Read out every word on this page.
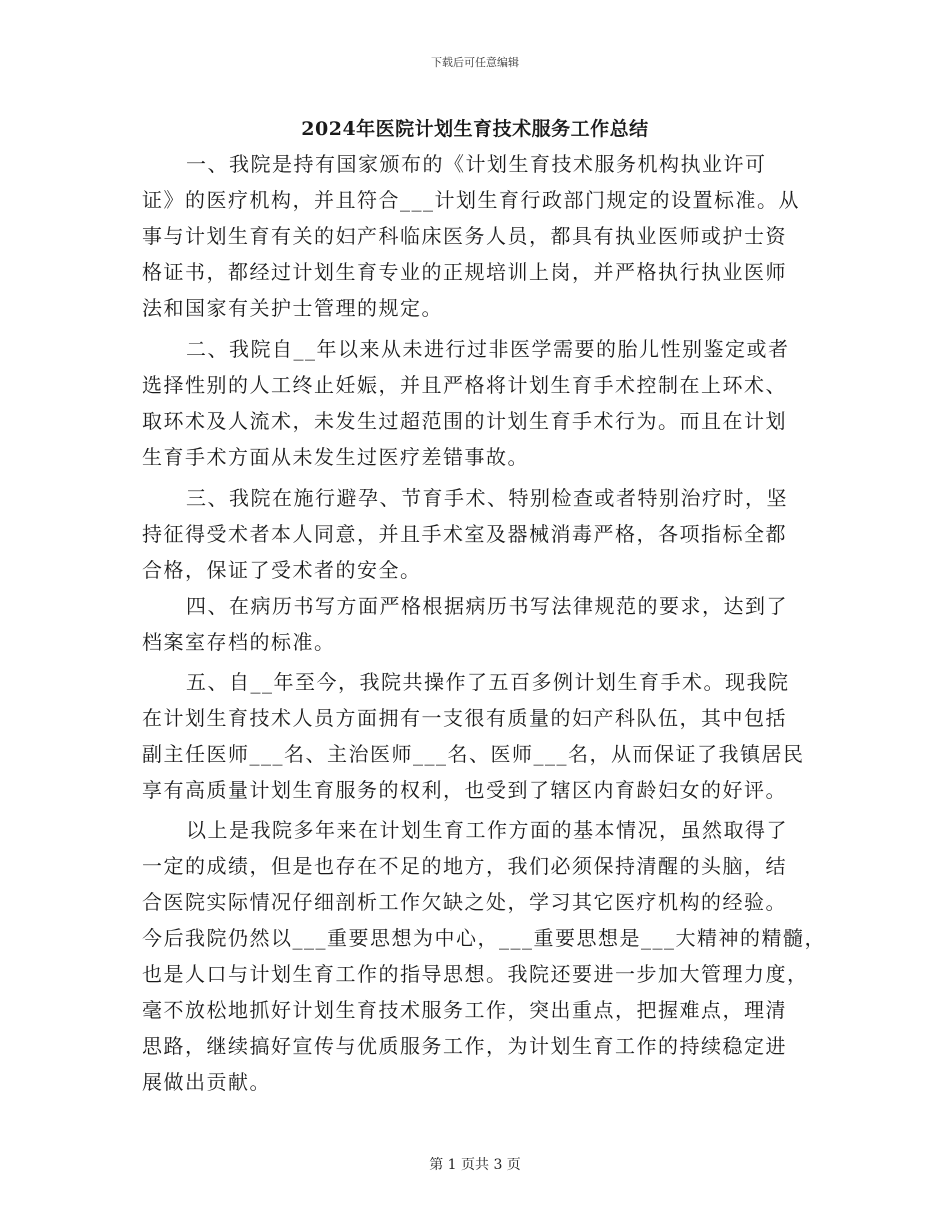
下载后可任意编辑
2024年医院计划生育技术服务工作总结
一、我院是持有国家颁布的《计划生育技术服务机构执业许可
证》的医疗机构，并且符合___计划生育行政部门规定的设置标准。从
事与计划生育有关的妇产科临床医务人员，都具有执业医师或护士资
格证书，都经过计划生育专业的正规培训上岗，并严格执行执业医师
法和国家有关护士管理的规定。
二、我院自__年以来从未进行过非医学需要的胎儿性别鉴定或者
选择性别的人工终止妊娠，并且严格将计划生育手术控制在上环术、
取环术及人流术，未发生过超范围的计划生育手术行为。而且在计划
生育手术方面从未发生过医疗差错事故。
三、我院在施行避孕、节育手术、特别检查或者特别治疗时，坚
持征得受术者本人同意，并且手术室及器械消毒严格，各项指标全都
合格，保证了受术者的安全。
四、在病历书写方面严格根据病历书写法律规范的要求，达到了
档案室存档的标准。
五、自__年至今，我院共操作了五百多例计划生育手术。现我院
在计划生育技术人员方面拥有一支很有质量的妇产科队伍，其中包括
副主任医师___名、主治医师___名、医师___名，从而保证了我镇居民
享有高质量计划生育服务的权利，也受到了辖区内育龄妇女的好评。
以上是我院多年来在计划生育工作方面的基本情况，虽然取得了
一定的成绩，但是也存在不足的地方，我们必须保持清醒的头脑，结
合医院实际情况仔细剖析工作欠缺之处，学习其它医疗机构的经验。
今后我院仍然以___重要思想为中心，___重要思想是___大精神的精髓，
也是人口与计划生育工作的指导思想。我院还要进一步加大管理力度，
毫不放松地抓好计划生育技术服务工作，突出重点，把握难点，理清
思路，继续搞好宣传与优质服务工作，为计划生育工作的持续稳定进
展做出贡献。
第 1 页共 3 页
